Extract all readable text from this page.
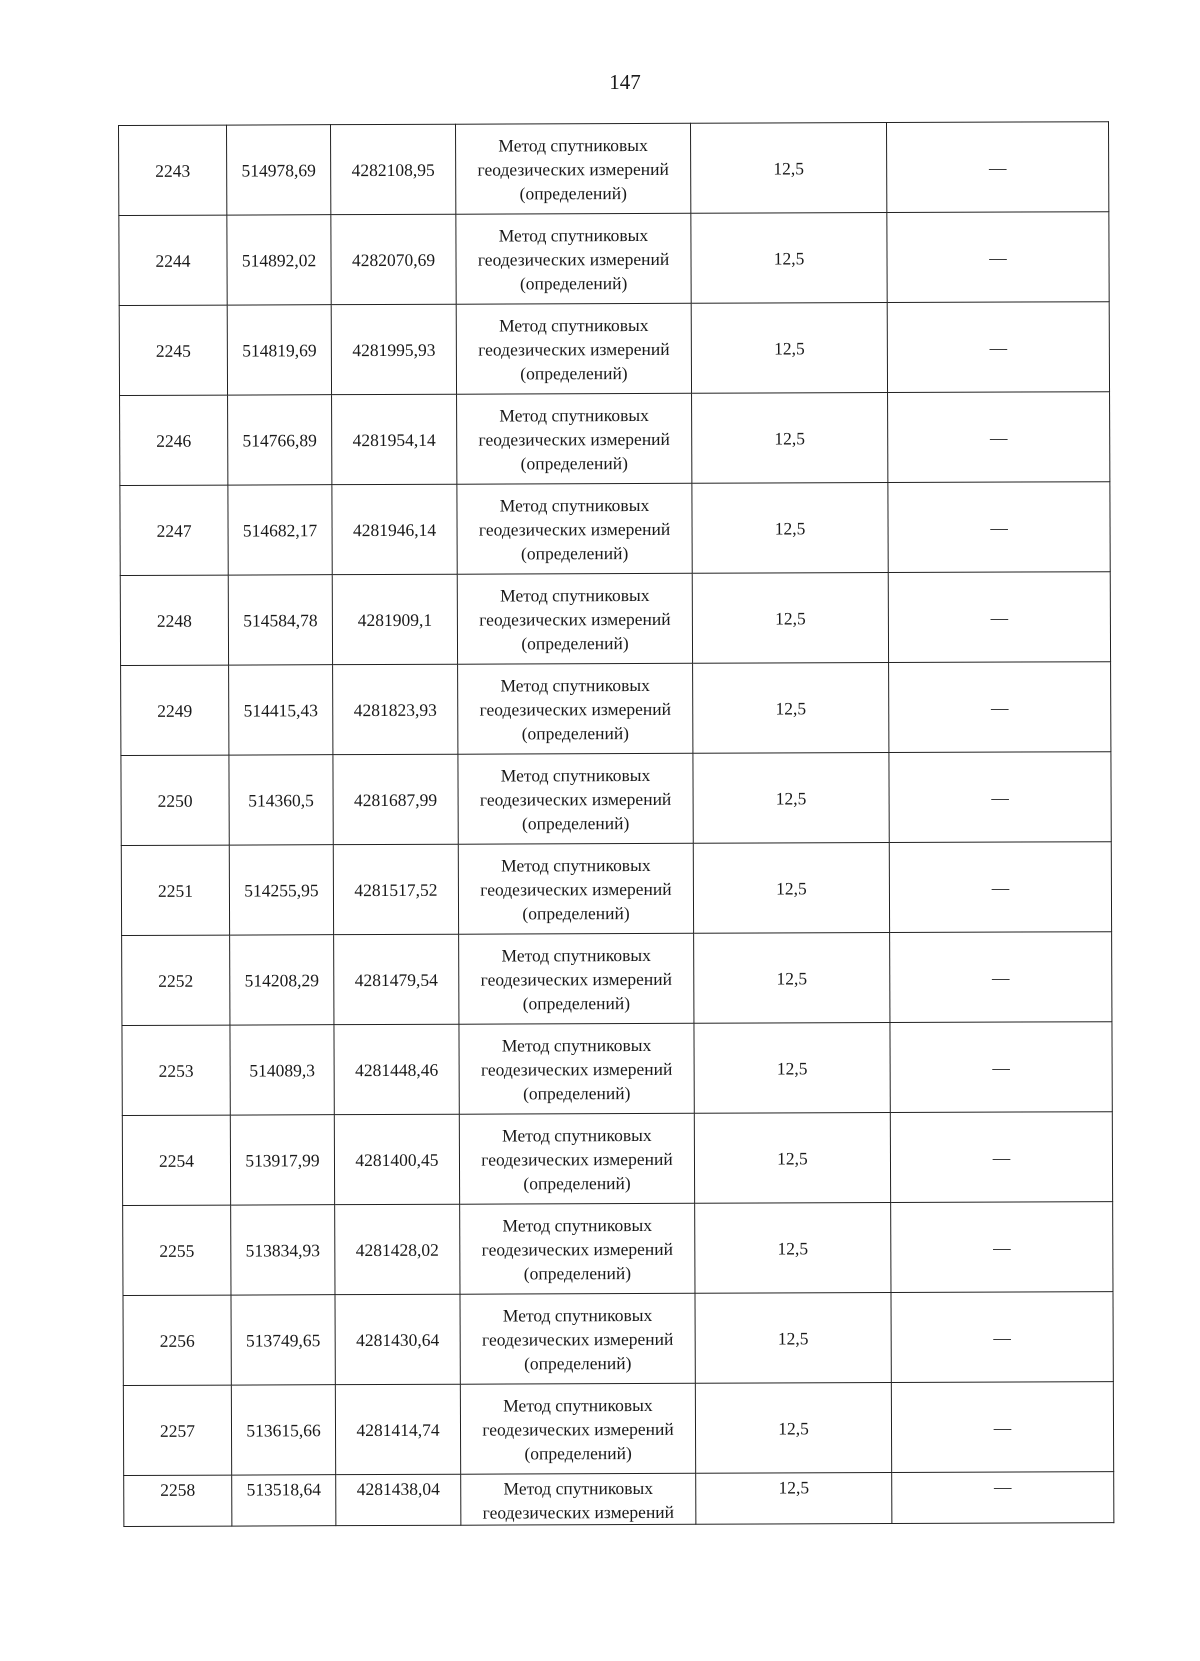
147
2243	514978,69	4282108,95	Метод спутниковых
геодезических измерений
(определений)	12,5	—
2244	514892,02	4282070,69	Метод спутниковых
геодезических измерений
(определений)	12,5	—
2245	514819,69	4281995,93	Метод спутниковых
геодезических измерений
(определений)	12,5	—
2246	514766,89	4281954,14	Метод спутниковых
геодезических измерений
(определений)	12,5	—
2247	514682,17	4281946,14	Метод спутниковых
геодезических измерений
(определений)	12,5	—
2248	514584,78	4281909,1	Метод спутниковых
геодезических измерений
(определений)	12,5	—
2249	514415,43	4281823,93	Метод спутниковых
геодезических измерений
(определений)	12,5	—
2250	514360,5	4281687,99	Метод спутниковых
геодезических измерений
(определений)	12,5	—
2251	514255,95	4281517,52	Метод спутниковых
геодезических измерений
(определений)	12,5	—
2252	514208,29	4281479,54	Метод спутниковых
геодезических измерений
(определений)	12,5	—
2253	514089,3	4281448,46	Метод спутниковых
геодезических измерений
(определений)	12,5	—
2254	513917,99	4281400,45	Метод спутниковых
геодезических измерений
(определений)	12,5	—
2255	513834,93	4281428,02	Метод спутниковых
геодезических измерений
(определений)	12,5	—
2256	513749,65	4281430,64	Метод спутниковых
геодезических измерений
(определений)	12,5	—
2257	513615,66	4281414,74	Метод спутниковых
геодезических измерений
(определений)	12,5	—
2258	513518,64	4281438,04	Метод спутниковых
геодезических измерений	12,5	—
